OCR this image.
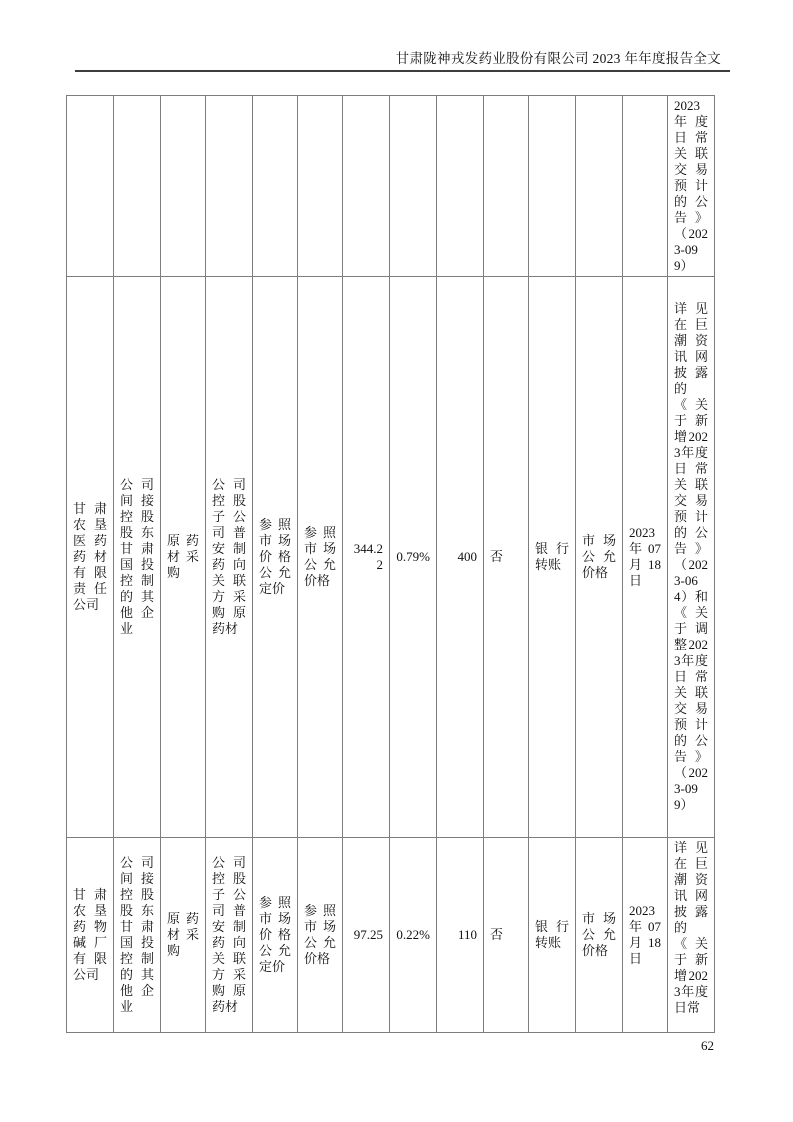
甘肃陇神戎发药业股份有限公司 2023 年年度报告全文
													2023年度日常关联交易预计的公告》（2023-099）
甘肃农垦医药药材有限责任公司	公司间接控股股东甘肃国投控制的其他企业	原药材采购	公司控股子公司普安制药向关联方采购原药材	参照市场价格公允定价	参照市场公允价格	344.22	0.79%	400	否	银行转账	市场公允价格	2023年07月18日	详见在巨潮资讯网披露的《关于新增2023年度日常关联交易预计的公告》（2023-064）和《关于调整2023年度日常关联交易预计的公告》（2023-099）
甘肃农垦药物碱厂有限公司	公司间接控股股东甘肃国投控制的其他企业	原药材采购	公司控股子公司普安制药向关联方采购原药材	参照市场价格公允定价	参照市场公允价格	97.25	0.22%	110	否	银行转账	市场公允价格	2023年07月18日	详见在巨潮资讯网披露的《关于新增2023年度日常
62
